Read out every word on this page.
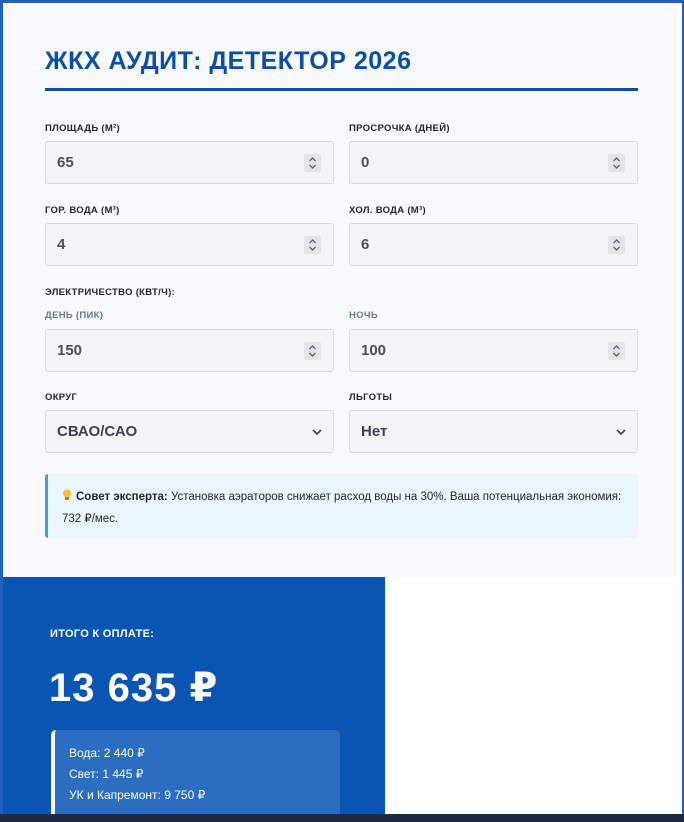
ЖКХ АУДИТ: ДЕТЕКТОР 2026
ПЛОЩАДЬ (М²)
65
ПРОСРОЧКА (ДНЕЙ)
0
ГОР. ВОДА (М³)
4
ХОЛ. ВОДА (М³)
6
ЭЛЕКТРИЧЕСТВО (КВТ/Ч):
ДЕНЬ (ПИК)	НОЧЬ
150	100
ОКРУГ
СВАО/САО
ЛЬГОТЫ
Нет
Совет эксперта: Установка аэраторов снижает расход воды на 30%. Ваша потенциальная экономия: 732 ₽/мес.
ИТОГО К ОПЛАТЕ:
13 635 ₽
Вода: 2 440 ₽
Свет: 1 445 ₽
УК и Капремонт: 9 750 ₽
